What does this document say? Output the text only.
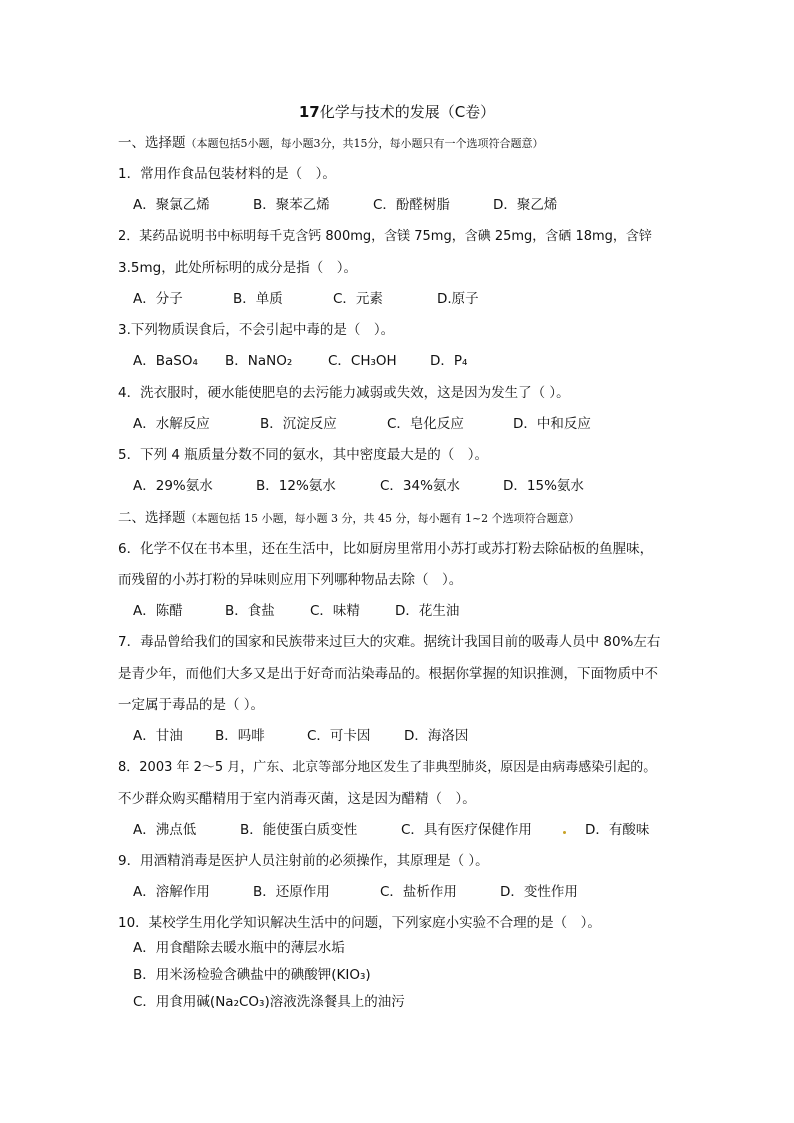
17化学与技术的发展（C卷）
一、选择题（本题包括5小题，每小题3分，共15分，每小题只有一个选项符合题意）
1．常用作食品包装材料的是（　）。
A．聚氯乙烯	B．聚苯乙烯	C．酚醛树脂	D．聚乙烯
2．某药品说明书中标明每千克含钙 800mg，含镁 75mg，含碘 25mg，含硒 18mg，含锌
3.5mg，此处所标明的成分是指（　）。
A．分子	B．单质	C．元素	D.原子
3.下列物质误食后，不会引起中毒的是（　）。
A．BaSO₄ B．NaNO₂	C．CH₃OH D．P₄
4．洗衣服时，硬水能使肥皂的去污能力减弱或失效，这是因为发生了（ ）。
A．水解反应	B．沉淀反应	C．皂化反应	D．中和反应
5．下列 4 瓶质量分数不同的氨水，其中密度最大是的（　）。
A．29%氨水	B．12%氨水	C．34%氨水	D．15%氨水
二、选择题（本题包括 15 小题，每小题 3 分，共 45 分，每小题有 1~2 个选项符合题意）
6．化学不仅在书本里，还在生活中，比如厨房里常用小苏打或苏打粉去除砧板的鱼腥味，
而残留的小苏打粉的异味则应用下列哪种物品去除（　）。
A．陈醋	B．食盐	C．味精	D．花生油
7．毒品曾给我们的国家和民族带来过巨大的灾难。据统计我国目前的吸毒人员中 80%左右
是青少年，而他们大多又是出于好奇而沾染毒品的。根据你掌握的知识推测，下面物质中不
一定属于毒品的是（ ）。
A．甘油 B．吗啡	C．可卡因 D．海洛因
8．2003 年 2～5 月，广东、北京等部分地区发生了非典型肺炎，原因是由病毒感染引起的。
不少群众购买醋精用于室内消毒灭菌，这是因为醋精（　）。
A．沸点低	B．能使蛋白质变性	C．具有医疗保健作用	D．有酸味
9．用酒精消毒是医护人员注射前的必须操作，其原理是（ ）。
A．溶解作用	B．还原作用	C．盐析作用	D．变性作用
10．某校学生用化学知识解决生活中的问题，下列家庭小实验不合理的是（　）。
A．用食醋除去暖水瓶中的薄层水垢
B．用米汤检验含碘盐中的碘酸钾(KIO₃)
C．用食用碱(Na₂CO₃)溶液洗涤餐具上的油污
